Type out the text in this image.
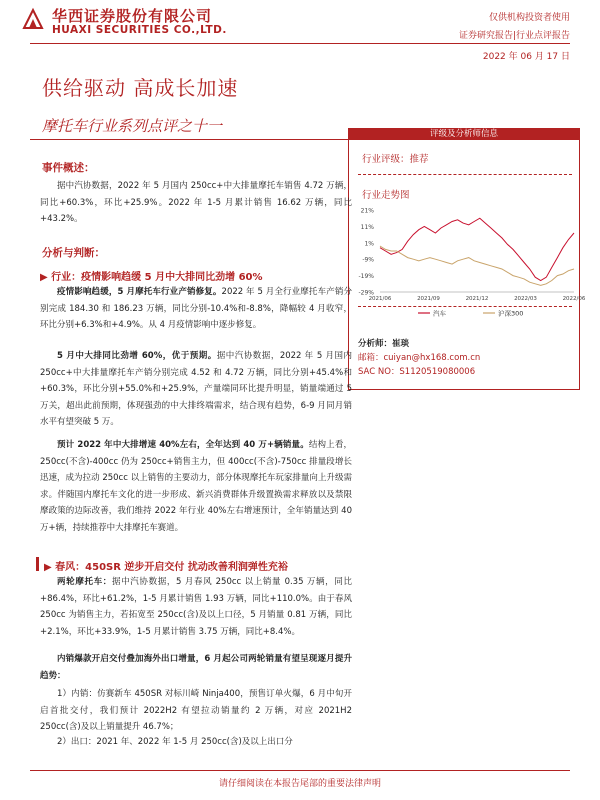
华西证券股份有限公司
HUAXI SECURITIES CO.,LTD.
仅供机构投资者使用
证券研究报告|行业点评报告
2022 年 06 月 17 日
供给驱动 高成长加速
摩托车行业系列点评之十一	评级及分析师信息
行业评级：推荐
行业走势图
21%
11%
1%
-9%
-19%
-29%
2021/06	2021/09	2021/12	2022/03	2022/06
汽车	沪深300
分析师：崔琰
邮箱：cuiyan@hx168.com.cn
SAC NO：S1120519080006
事件概述：
据中汽协数据，2022 年 5 月国内 250cc+中大排量摩托车销售 4.72 万辆，同比+60.3%，环比+25.9%。2022 年 1-5 月累计销售 16.62 万辆，同比+43.2%。
分析与判断：
▶ 行业：疫情影响趋缓 5 月中大排同比劲增 60%
疫情影响趋缓，5 月摩托车行业产销修复。2022 年 5 月全行业摩托车产销分别完成 184.30 和 186.23 万辆，同比分别-10.4%和-8.8%，降幅较 4 月收窄，环比分别+6.3%和+4.9%。从 4 月疫情影响中逐步修复。
5 月中大排同比劲增 60%，优于预期。据中汽协数据，2022 年 5 月国内 250cc+中大排量摩托车产销分别完成 4.52 和 4.72 万辆，同比分别+45.4%和+60.3%，环比分别+55.0%和+25.9%，产量端同环比提升明显，销量端通过 5 万关，超出此前预期，体现强劲的中大排终端需求，结合现有趋势，6-9 月同月销水平有望突破 5 万。
预计 2022 年中大排增速 40%左右，全年达到 40 万+辆销量。结构上看，250cc(不含)-400cc 仍为 250cc+销售主力，但 400cc(不含)-750cc 排量段增长迅速，成为拉动 250cc 以上销售的主要动力，部分体现摩托车玩家排量向上升级需求。伴随国内摩托车文化的进一步形成、新兴消费群体升级置换需求释放以及禁限摩政策的边际改善，我们维持 2022 年行业 40%左右增速预计，全年销量达到 40 万+辆，持续推荐中大排摩托车赛道。
▶ 春风：450SR 逆步开启交付 扰动改善利润弹性充裕
两轮摩托车：据中汽协数据，5 月春风 250cc 以上销量 0.35 万辆，同比+86.4%，环比+61.2%，1-5 月累计销售 1.93 万辆，同比+110.0%。由于春风 250cc 为销售主力，若拓宽至 250cc(含)及以上口径，5 月销量 0.81 万辆，同比+2.1%，环比+33.9%，1-5 月累计销售 3.75 万辆，同比+8.4%。
内销爆款开启交付叠加海外出口增量，6 月起公司两轮销量有望呈现逐月提升趋势：
1）内销：仿赛新车 450SR 对标川崎 Ninja400，预售订单火爆，6 月中旬开启首批交付，我们预计 2022H2 有望拉动销量约 2 万辆，对应 2021H2 250cc(含)及以上销量提升 46.7%；
2）出口：2021 年、2022 年 1-5 月 250cc(含)及以上出口分
请仔细阅读在本报告尾部的重要法律声明
